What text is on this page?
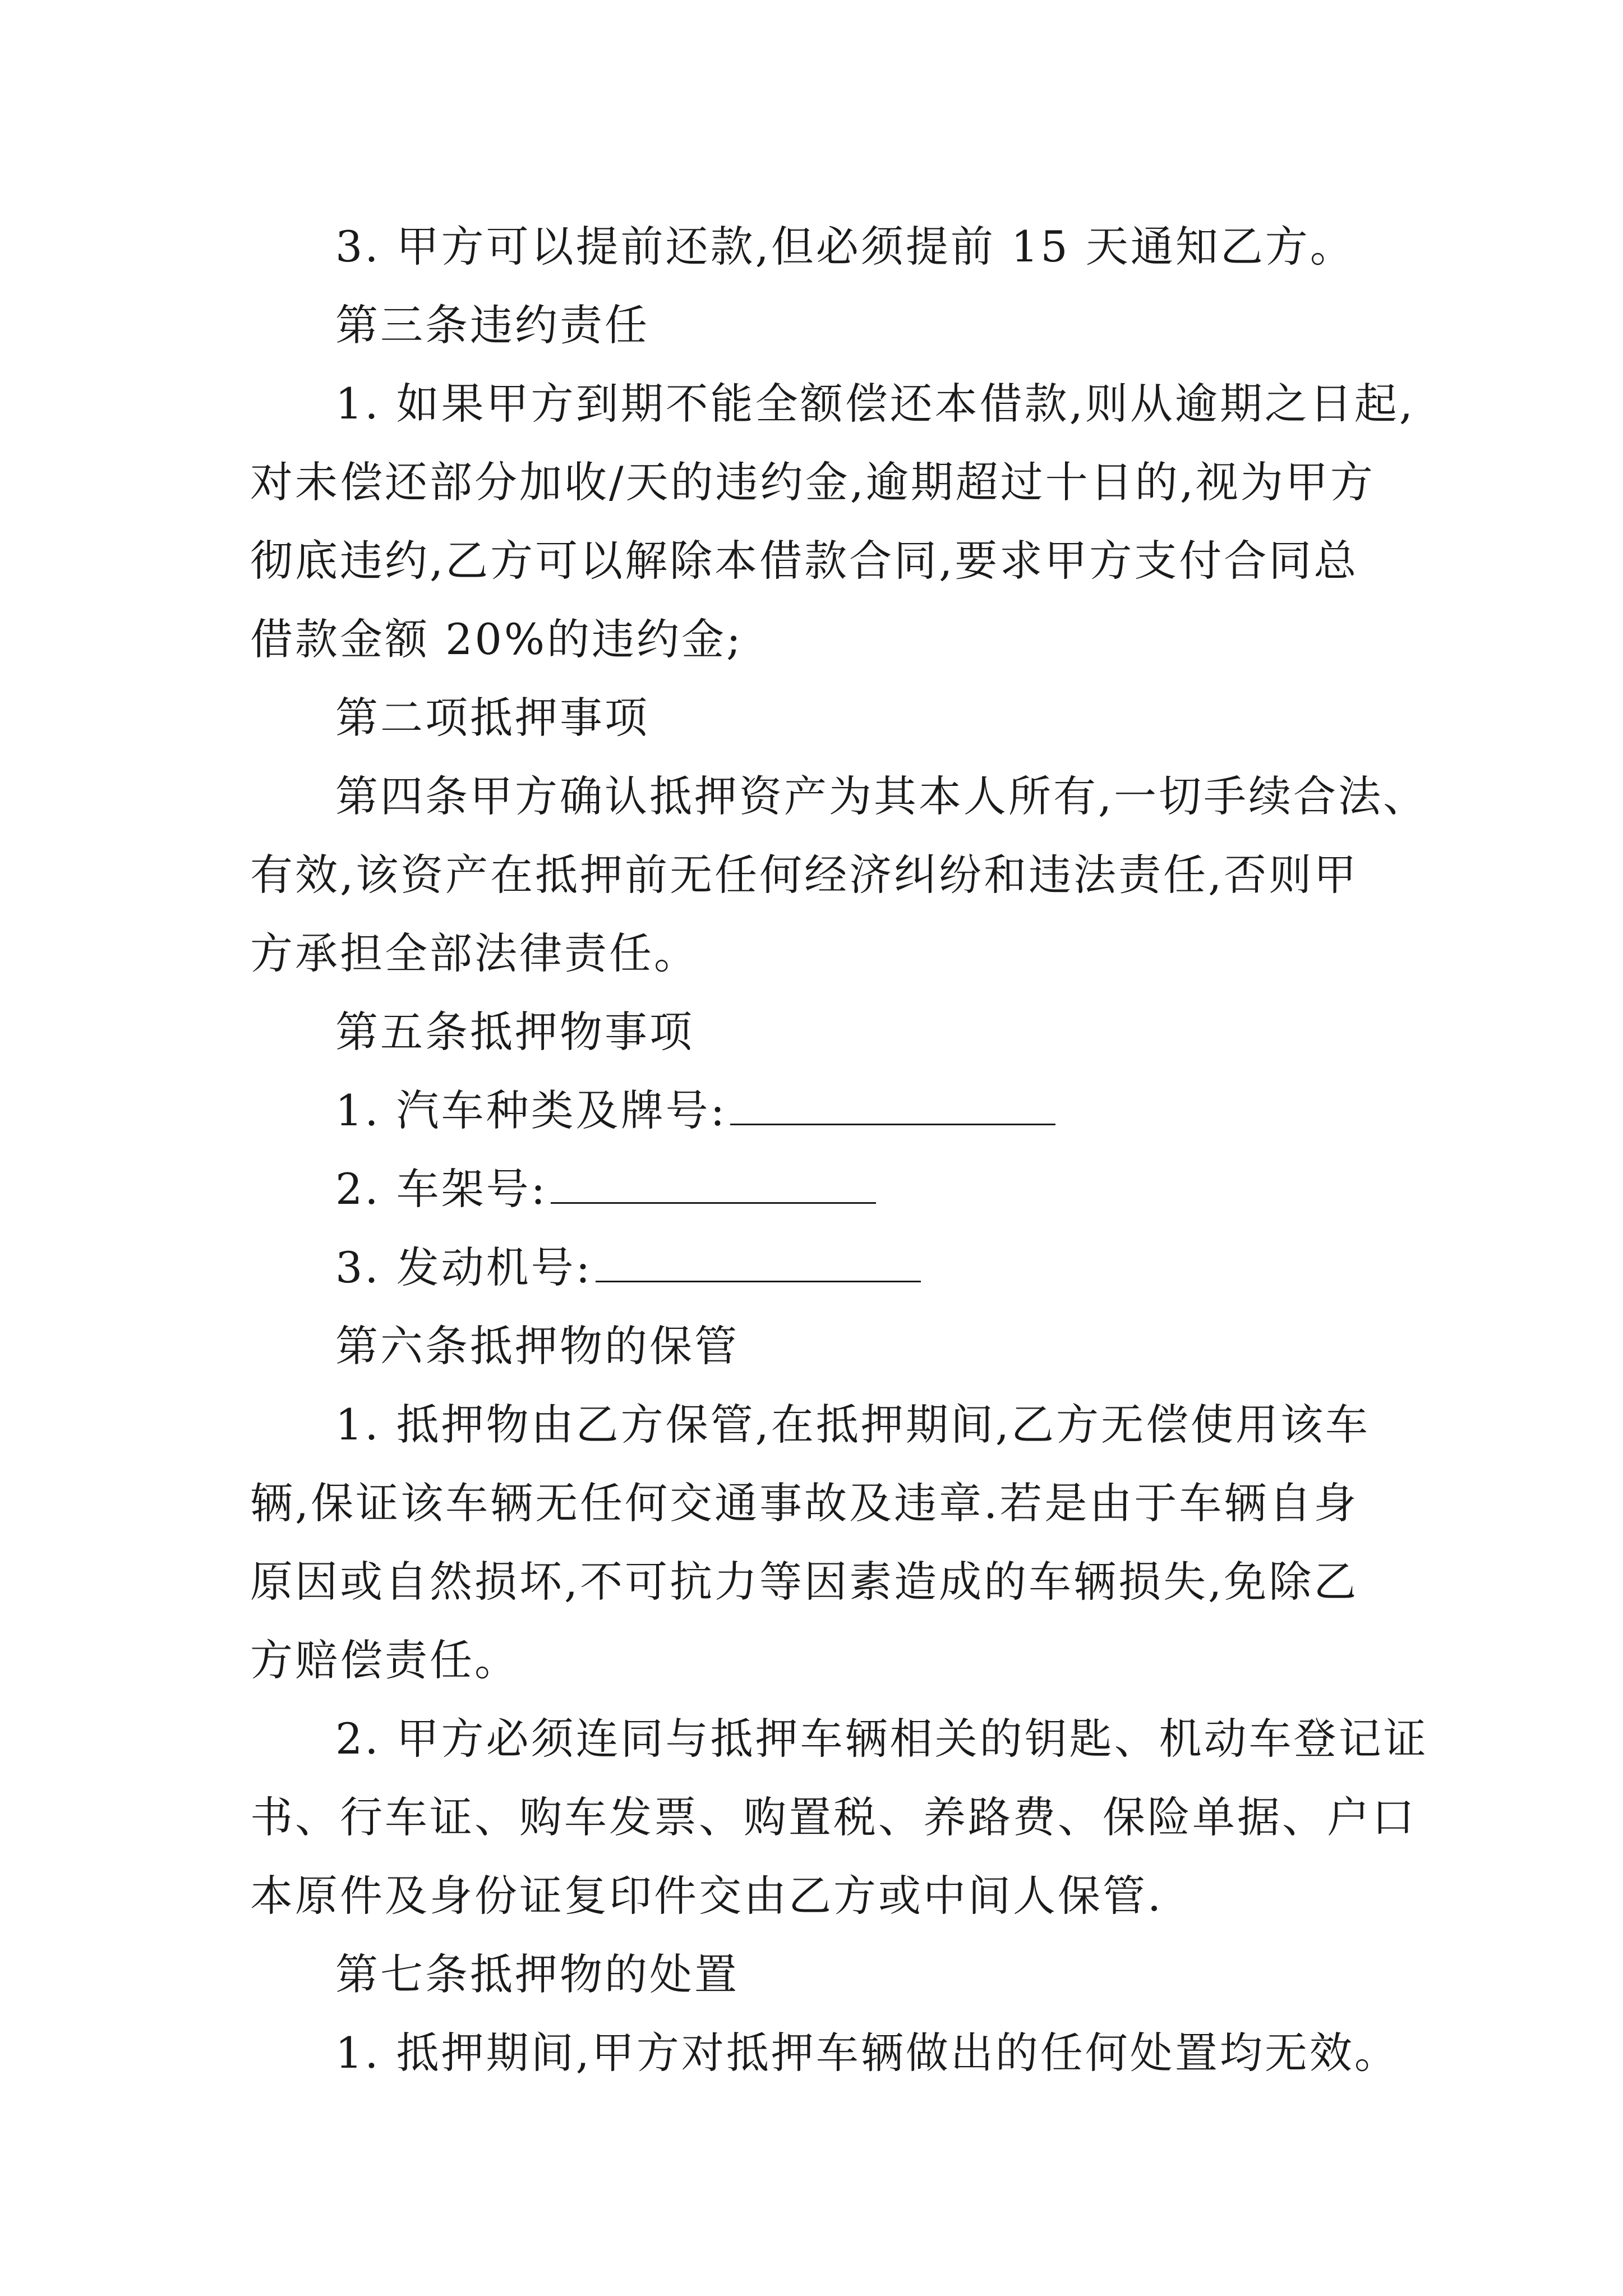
3. 甲方可以提前还款,但必须提前 15 天通知乙方。
第三条违约责任
1. 如果甲方到期不能全额偿还本借款,则从逾期之日起,
对未偿还部分加收/天的违约金,逾期超过十日的,视为甲方
彻底违约,乙方可以解除本借款合同,要求甲方支付合同总
借款金额 20%的违约金;
第二项抵押事项
第四条甲方确认抵押资产为其本人所有,一切手续合法、
有效,该资产在抵押前无任何经济纠纷和违法责任,否则甲
方承担全部法律责任。
第五条抵押物事项
1. 汽车种类及牌号:
2. 车架号:
3. 发动机号:
第六条抵押物的保管
1. 抵押物由乙方保管,在抵押期间,乙方无偿使用该车
辆,保证该车辆无任何交通事故及违章.若是由于车辆自身
原因或自然损坏,不可抗力等因素造成的车辆损失,免除乙
方赔偿责任。
2. 甲方必须连同与抵押车辆相关的钥匙、机动车登记证
书、行车证、购车发票、购置税、养路费、保险单据、户口
本原件及身份证复印件交由乙方或中间人保管.
第七条抵押物的处置
1. 抵押期间,甲方对抵押车辆做出的任何处置均无效。
